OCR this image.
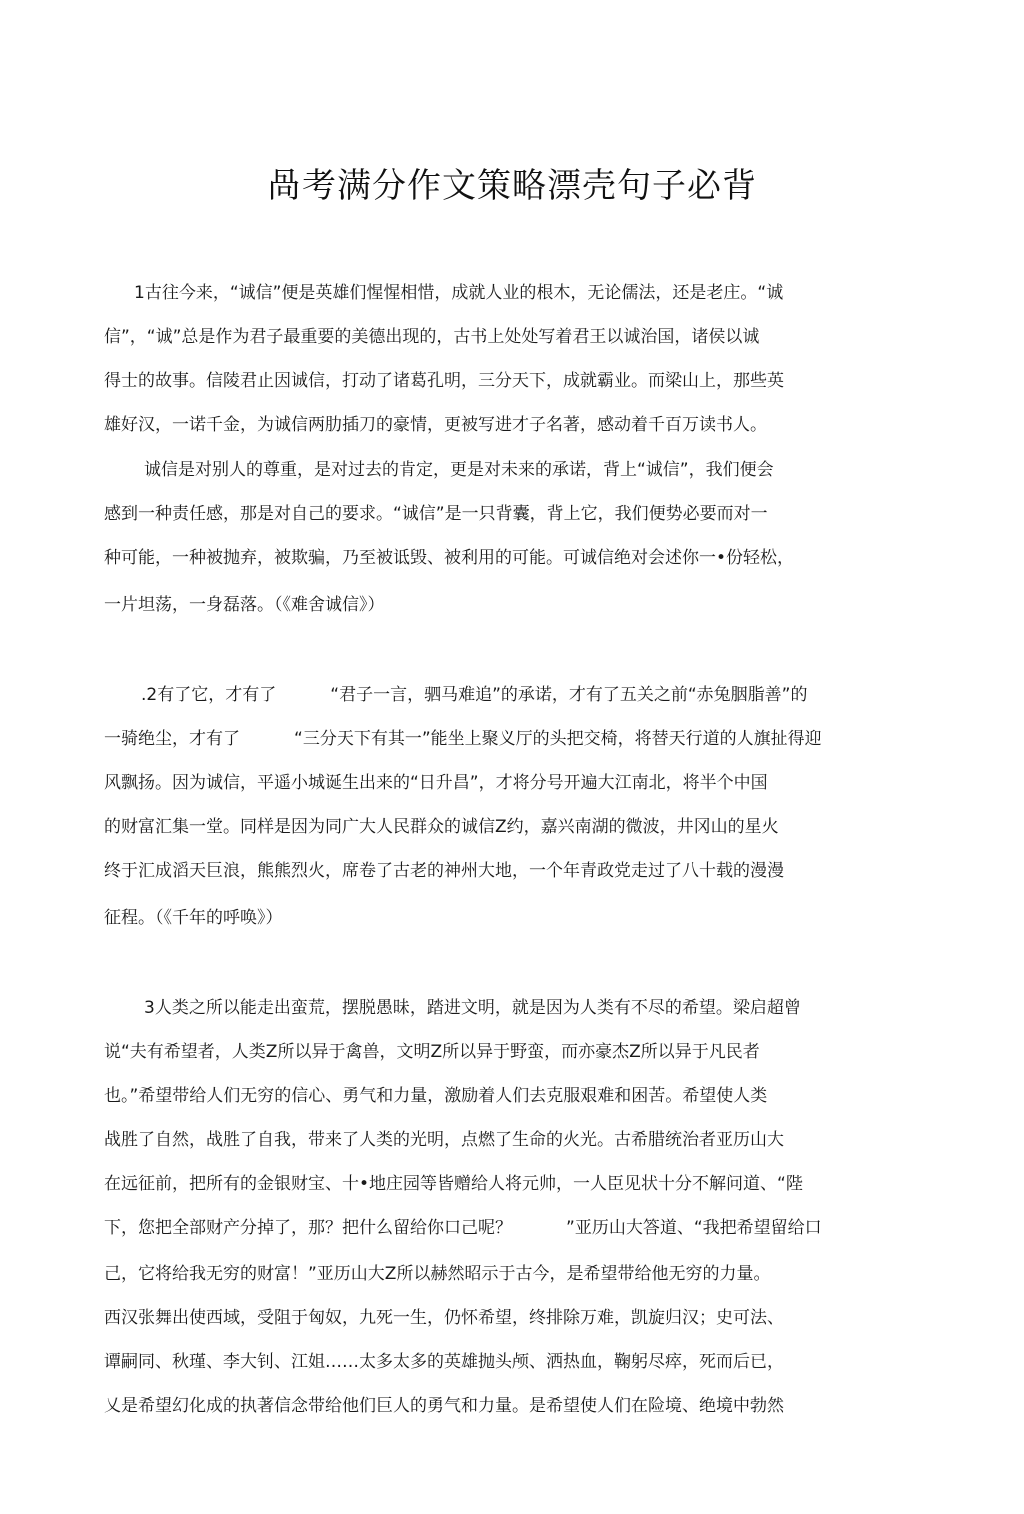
咼考满分作文策略漂壳句子必背
1古往今来，“诚信”便是英雄们惺惺相惜，成就人业的根木，无论儒法，还是老庄。“诚
信”，“诚”总是作为君子最重要的美德出现的，古书上处处写着君王以诚治国，诸侯以诚
得士的故事。信陵君止因诚信，打动了诸葛孔明，三分天下，成就霸业。而梁山上，那些英
雄好汉，一诺千金，为诚信两肋插刀的豪情，更被写进才子名著，感动着千百万读书人。
诚信是对别人的尊重，是对过去的肯定，更是对未来的承诺，背上“诚信”，我们便会
感到一种责任感，那是对自己的要求。“诚信”是一只背囊，背上它，我们便势必要而对一
种可能，一种被抛弃，被欺骗，乃至被诋毁、被利用的可能。可诚信绝对会述你一•份轻松，
一片坦荡，一身磊落。（《难舍诚信》）
.2有了它，才有了          “君子一言，驷马难追”的承诺，才有了五关之前“赤兔胭脂善”的
一骑绝尘，才有了          “三分天下有其一”能坐上聚义厅的头把交椅，将替天行道的人旗扯得迎
风飘扬。因为诚信，平遥小城诞生出来的“日升昌”，才将分号开遍大江南北，将半个中国
的财富汇集一堂。同样是因为同广大人民群众的诚信Z约，嘉兴南湖的微波，井冈山的星火
终于汇成滔天巨浪，熊熊烈火，席卷了古老的神州大地，一个年青政党走过了八十载的漫漫
征程。（《千年的呼唤》）
3人类之所以能走出蛮荒，摆脱愚昧，踏进文明，就是因为人类有不尽的希望。梁启超曾
说“夫有希望者，人类Z所以异于禽兽，文明Z所以异于野蛮，而亦豪杰Z所以异于凡民者
也。”希望带给人们无穷的信心、勇气和力量，激励着人们去克服艰难和困苦。希望使人类
战胜了自然，战胜了自我，带来了人类的光明，点燃了生命的火光。古希腊统治者亚历山大
在远征前，把所有的金银财宝、十•地庄园等皆赠给人将元帅，一人臣见状十分不解问道、“陛
下，您把全部财产分掉了，那？把什么留给你口己呢？          ”亚历山大答道、“我把希望留给口
己，它将给我无穷的财富！”亚历山大Z所以赫然昭示于古今，是希望带给他无穷的力量。
西汉张舞出使西域，受阻于匈奴，九死一生，仍怀希望，终排除万难，凯旋归汉；史可法、
谭嗣同、秋瑾、李大钊、江姐……太多太多的英雄抛头颅、洒热血，鞠躬尽瘁，死而后已，
乂是希望幻化成的执著信念带给他们巨人的勇气和力量。是希望使人们在险境、绝境中勃然
